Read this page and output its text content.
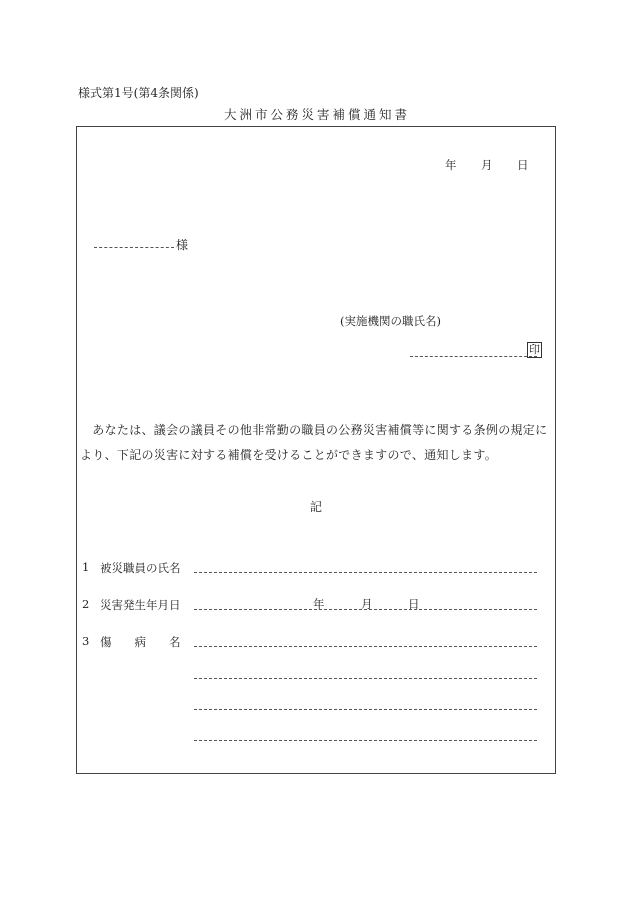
様式第1号(第4条関係)
大洲市公務災害補償通知書
年 月 日
様
(実施機関の職氏名)
印
　あなたは、議会の議員その他非常勤の職員の公務災害補償等に関する条例の規定により、下記の災害に対する補償を受けることができますので、通知します。
記
1 被災職員の氏名
2 災害発生年月日	年	月	日
3 傷　　病　　名
